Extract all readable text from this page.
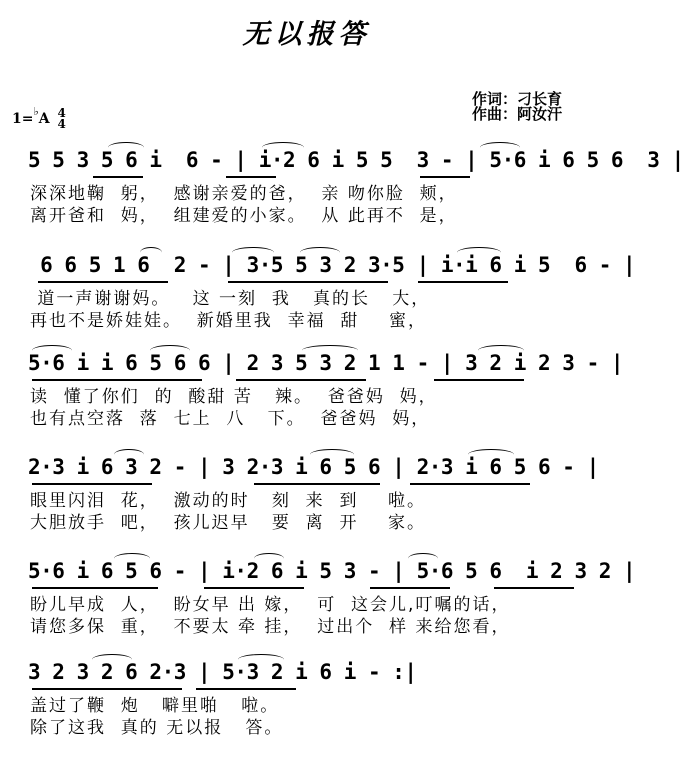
无以报答
作词：刁长育
作曲：阿汝汗
1=♭A 4
4
5 5 3 5 6 i  6 - | i·2 6 i 5 5  3 - | 5·6 i 6 5 6  3 |
深深地鞠  躬，  感谢亲爱的爸，  亲 吻你脸  颊，
离开爸和  妈，  组建爱的小家。  从 此再不  是，
6 6 5 1 6  2 - | 3·5 5 3 2 3·5 | i·i 6 i 5  6 - |
道一声谢谢妈。   这 一刻  我   真的长   大，
再也不是娇娃娃。  新婚里我  幸福  甜    蜜，
5·6 i i 6 5 6 6 | 2 3 5 3 2 1 1 - | 3 2 i 2 3 - |
读  懂了你们  的  酸甜 苦   辣。  爸爸妈  妈，
也有点空落  落  七上  八   下。  爸爸妈  妈，
2·3 i 6 3 2 - | 3 2·3 i 6 5 6 | 2·3 i 6 5 6 - |
眼里闪泪  花，  激动的时   刻  来  到    啦。
大胆放手  吧，  孩儿迟早   要  离  开    家。
5·6 i 6 5 6 - | i·2 6 i 5 3 - | 5·6 5 6  i 2 3 2 |
盼儿早成  人，  盼女早 出 嫁，  可  这会儿,叮嘱的话，
请您多保  重，  不要太 牵 挂，  过出个  样 来给您看，
3 2 3 2 6 2·3 | 5·3 2 i 6 i - :|
盖过了鞭  炮   噼里啪   啦。
除了这我  真的 无以报   答。
